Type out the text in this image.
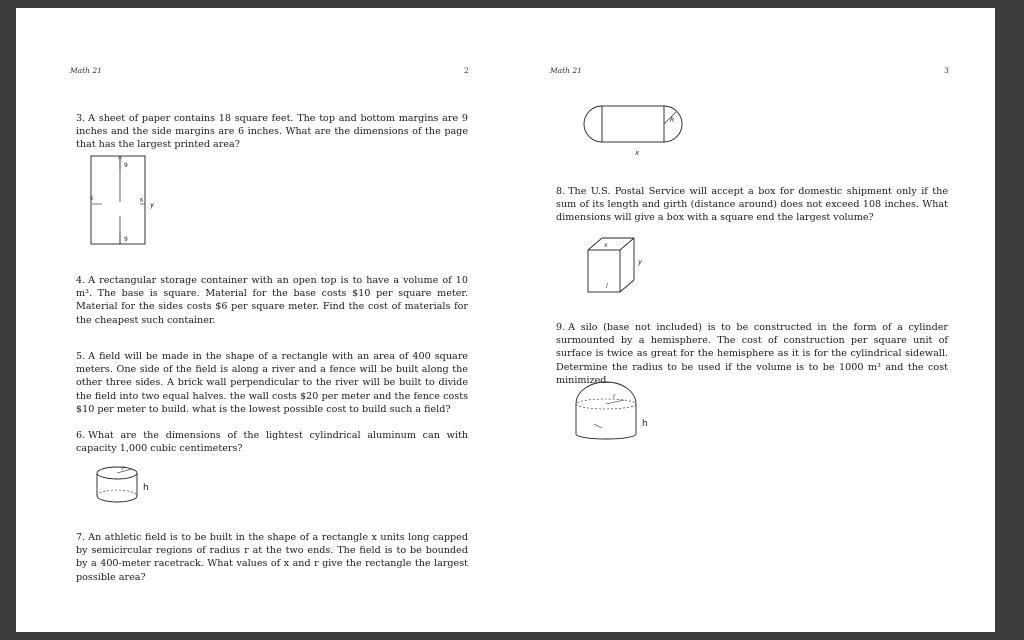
Math 21	2

3. A sheet of paper contains 18 square feet. The top and bottom margins are 9 inches and the side margins are 6 inches. What are the dimensions of the page that has the largest printed area?

9
9
6	6 y

4. A rectangular storage container with an open top is to have a volume of 10 m³. The base is square. Material for the base costs $10 per square meter. Material for the sides costs $6 per square meter. Find the cost of materials for the cheapest such container.

5. A field will be made in the shape of a rectangle with an area of 400 square meters. One side of the field is along a river and a fence will be built along the other three sides. A brick wall perpendicular to the river will be built to divide the field into two equal halves. the wall costs $20 per meter and the fence costs $10 per meter to build. what is the lowest possible cost to build such a field?

6. What are the dimensions of the lightest cylindrical aluminum can with capacity 1,000 cubic centimeters?

r
h

7. An athletic field is to be built in the shape of a rectangle x units long capped by semicircular regions of radius r at the two ends. The field is to be bounded by a 400-meter racetrack. What values of x and r give the rectangle the largest possible area?

Math 21	3
R
x

8. The U.S. Postal Service will accept a box for domestic shipment only if the sum of its length and girth (distance around) does not exceed 108 inches. What dimensions will give a box with a square end the largest volume?

x
y
l

9. A silo (base not included) is to be constructed in the form of a cylinder surmounted by a hemisphere. The cost of construction per square unit of surface is twice as great for the hemisphere as it is for the cylindrical sidewall. Determine the radius to be used if the volume is to be 1000 m³ and the cost minimized.

r
h
